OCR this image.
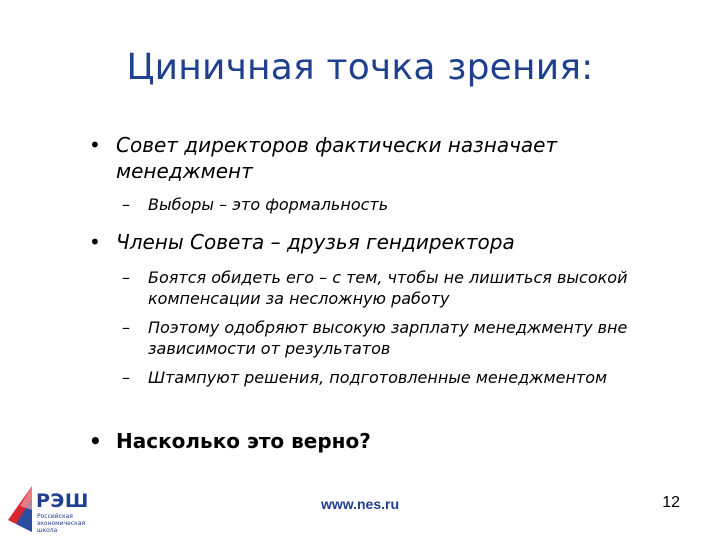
Циничная точка зрения:
• Совет директоров фактически назначает менеджмент
– Выборы – это формальность
• Члены Совета – друзья гендиректора
– Боятся обидеть его – с тем, чтобы не лишиться высокой компенсации за несложную работу
– Поэтому одобряют высокую зарплату менеджменту вне зависимости от результатов
– Штампуют решения, подготовленные менеджментом
• Насколько это верно?
РЭШ
Российская экономическая школа
www.nes.ru	12
